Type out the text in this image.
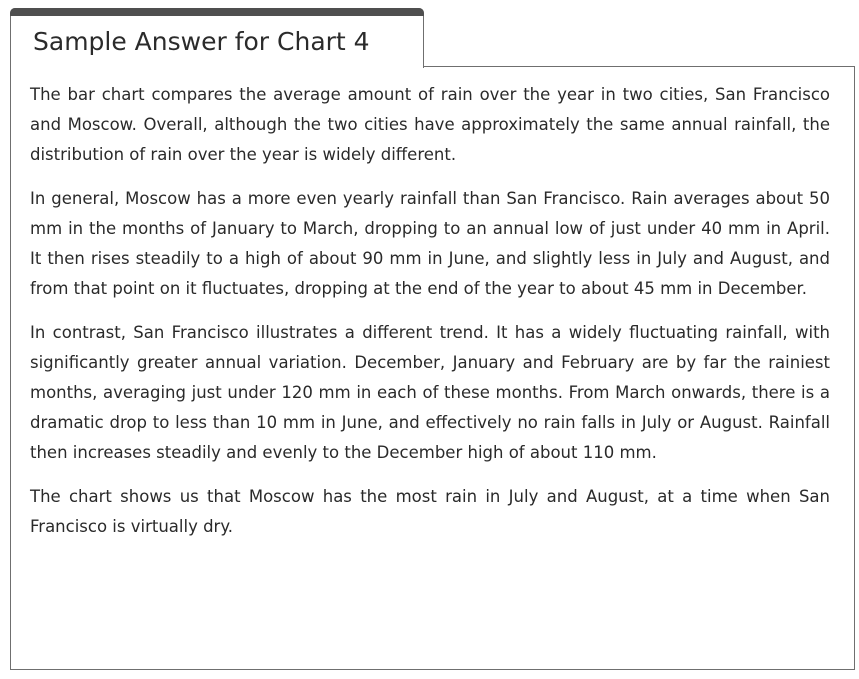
Sample Answer for Chart 4

The bar chart compares the average amount of rain over the year in two cities, San Francisco and Moscow. Overall, although the two cities have approximately the same annual rainfall, the distribution of rain over the year is widely different.

In general, Moscow has a more even yearly rainfall than San Francisco. Rain averages about 50 mm in the months of January to March, dropping to an annual low of just under 40 mm in April. It then rises steadily to a high of about 90 mm in June, and slightly less in July and August, and from that point on it fluctuates, dropping at the end of the year to about 45 mm in December.

In contrast, San Francisco illustrates a different trend. It has a widely fluctuating rainfall, with significantly greater annual variation. December, January and February are by far the rainiest months, averaging just under 120 mm in each of these months. From March onwards, there is a dramatic drop to less than 10 mm in June, and effectively no rain falls in July or August. Rainfall then increases steadily and evenly to the December high of about 110 mm.

The chart shows us that Moscow has the most rain in July and August, at a time when San Francisco is virtually dry.
